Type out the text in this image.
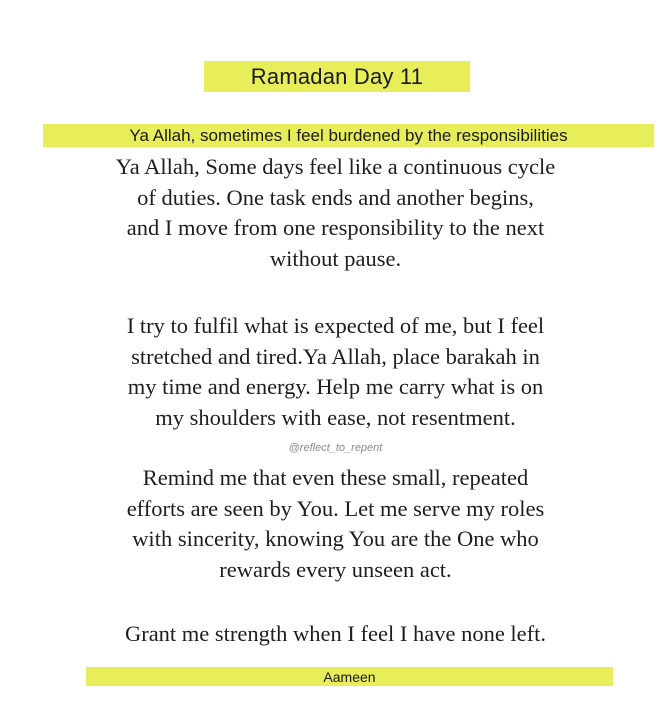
Ramadan Day 11
Ya Allah, sometimes I feel burdened by the responsibilities
Ya Allah, Some days feel like a continuous cycle
of duties. One task ends and another begins,
and I move from one responsibility to the next
without pause.
I try to fulfil what is expected of me, but I feel
stretched and tired.Ya Allah, place barakah in
my time and energy. Help me carry what is on
my shoulders with ease, not resentment.
@reflect_to_repent
Remind me that even these small, repeated
efforts are seen by You. Let me serve my roles
with sincerity, knowing You are the One who
rewards every unseen act.
Grant me strength when I feel I have none left.
Aameen
